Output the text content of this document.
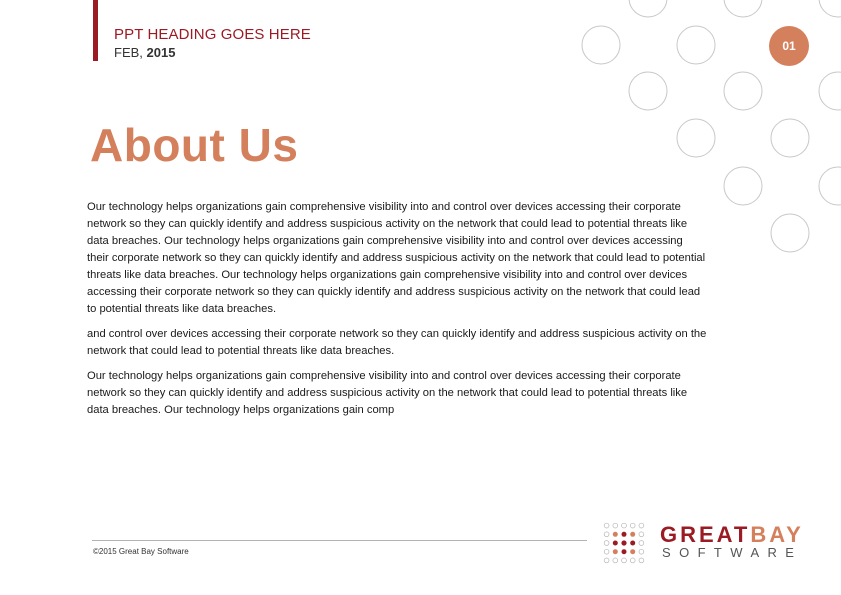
PPT HEADING GOES HERE
FEB, 2015	01
About Us

Our technology helps organizations gain comprehensive visibility into and control over devices accessing their corporate network so they can quickly identify and address suspicious activity on the network that could lead to potential threats like data breaches. Our technology helps organizations gain comprehensive visibility into and control over devices accessing their corporate network so they can quickly identify and address suspicious activity on the network that could lead to potential threats like data breaches. Our technology helps organizations gain comprehensive visibility into and control over devices accessing their corporate network so they can quickly identify and address suspicious activity on the network that could lead to potential threats like data breaches.

and control over devices accessing their corporate network so they can quickly identify and address suspicious activity on the network that could lead to potential threats like data breaches.

Our technology helps organizations gain comprehensive visibility into and control over devices accessing their corporate network so they can quickly identify and address suspicious activity on the network that could lead to potential threats like data breaches. Our technology helps organizations gain comp

©2015 Great Bay Software
GREATBAY
SOFTWARE
